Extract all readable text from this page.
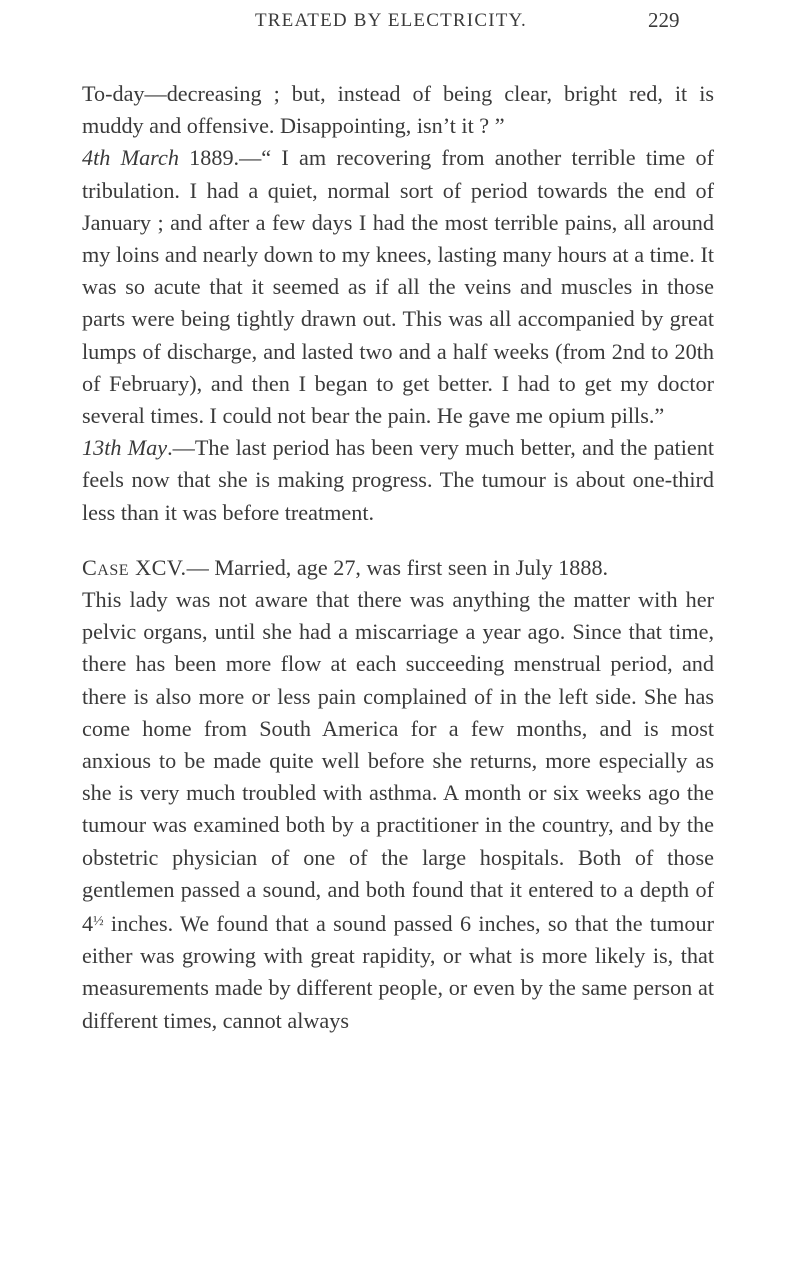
TREATED BY ELECTRICITY.	229

To-day—decreasing ; but, instead of being clear, bright red, it is muddy and offensive. Disappointing, isn’t it ? ”

4th March 1889.—“ I am recovering from another terrible time of tribulation. I had a quiet, normal sort of period towards the end of January ; and after a few days I had the most terrible pains, all around my loins and nearly down to my knees, lasting many hours at a time. It was so acute that it seemed as if all the veins and muscles in those parts were being tightly drawn out. This was all accompanied by great lumps of discharge, and lasted two and a half weeks (from 2nd to 20th of February), and then I began to get better. I had to get my doctor several times. I could not bear the pain. He gave me opium pills.”

13th May.—The last period has been very much better, and the patient feels now that she is making progress. The tumour is about one-third less than it was before treatment.

Case XCV.— Married, age 27, was first seen in July 1888.

This lady was not aware that there was anything the matter with her pelvic organs, until she had a miscarriage a year ago. Since that time, there has been more flow at each succeeding menstrual period, and there is also more or less pain complained of in the left side. She has come home from South America for a few months, and is most anxious to be made quite well before she returns, more especially as she is very much troubled with asthma. A month or six weeks ago the tumour was examined both by a practitioner in the country, and by the obstetric physician of one of the large hospitals. Both of those gentlemen passed a sound, and both found that it entered to a depth of $4^{\frac{1}{2}}$ inches. We found that a sound passed 6 inches, so that the tumour either was growing with great rapidity, or what is more likely is, that measurements made by different people, or even by the same person at different times, cannot always
